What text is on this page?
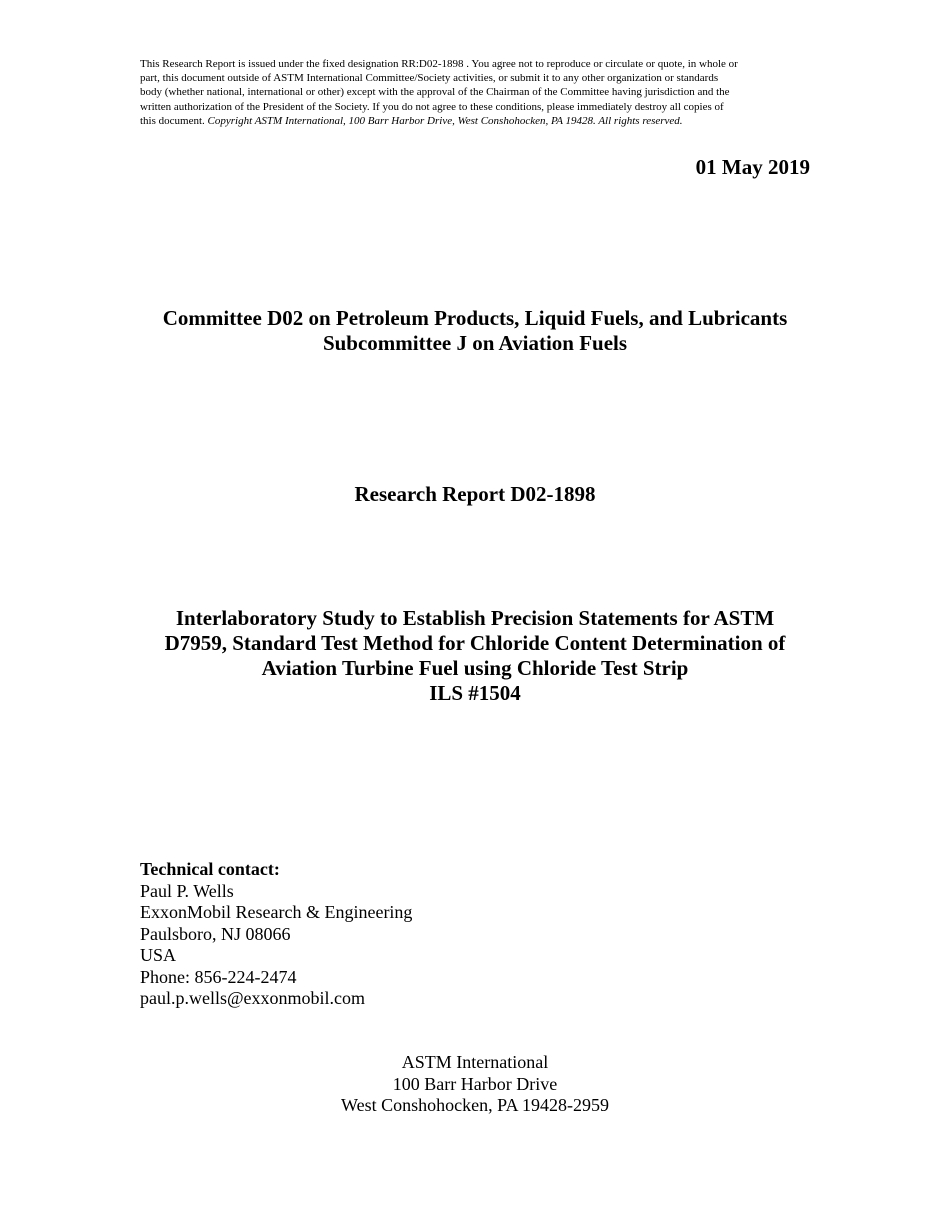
This Research Report is issued under the fixed designation RR:D02-1898 . You agree not to reproduce or circulate or quote, in whole or
part, this document outside of ASTM International Committee/Society activities, or submit it to any other organization or standards
body (whether national, international or other) except with the approval of the Chairman of the Committee having jurisdiction and the
written authorization of the President of the Society. If you do not agree to these conditions, please immediately destroy all copies of
this document. Copyright ASTM International, 100 Barr Harbor Drive, West Conshohocken, PA 19428. All rights reserved.
01 May 2019
Committee D02 on Petroleum Products, Liquid Fuels, and Lubricants
Subcommittee J on Aviation Fuels
Research Report D02-1898
Interlaboratory Study to Establish Precision Statements for ASTM
D7959, Standard Test Method for Chloride Content Determination of
Aviation Turbine Fuel using Chloride Test Strip
ILS #1504
Technical contact:
Paul P. Wells
ExxonMobil Research & Engineering
Paulsboro, NJ 08066
USA
Phone: 856-224-2474
paul.p.wells@exxonmobil.com
ASTM International
100 Barr Harbor Drive
West Conshohocken, PA 19428-2959
